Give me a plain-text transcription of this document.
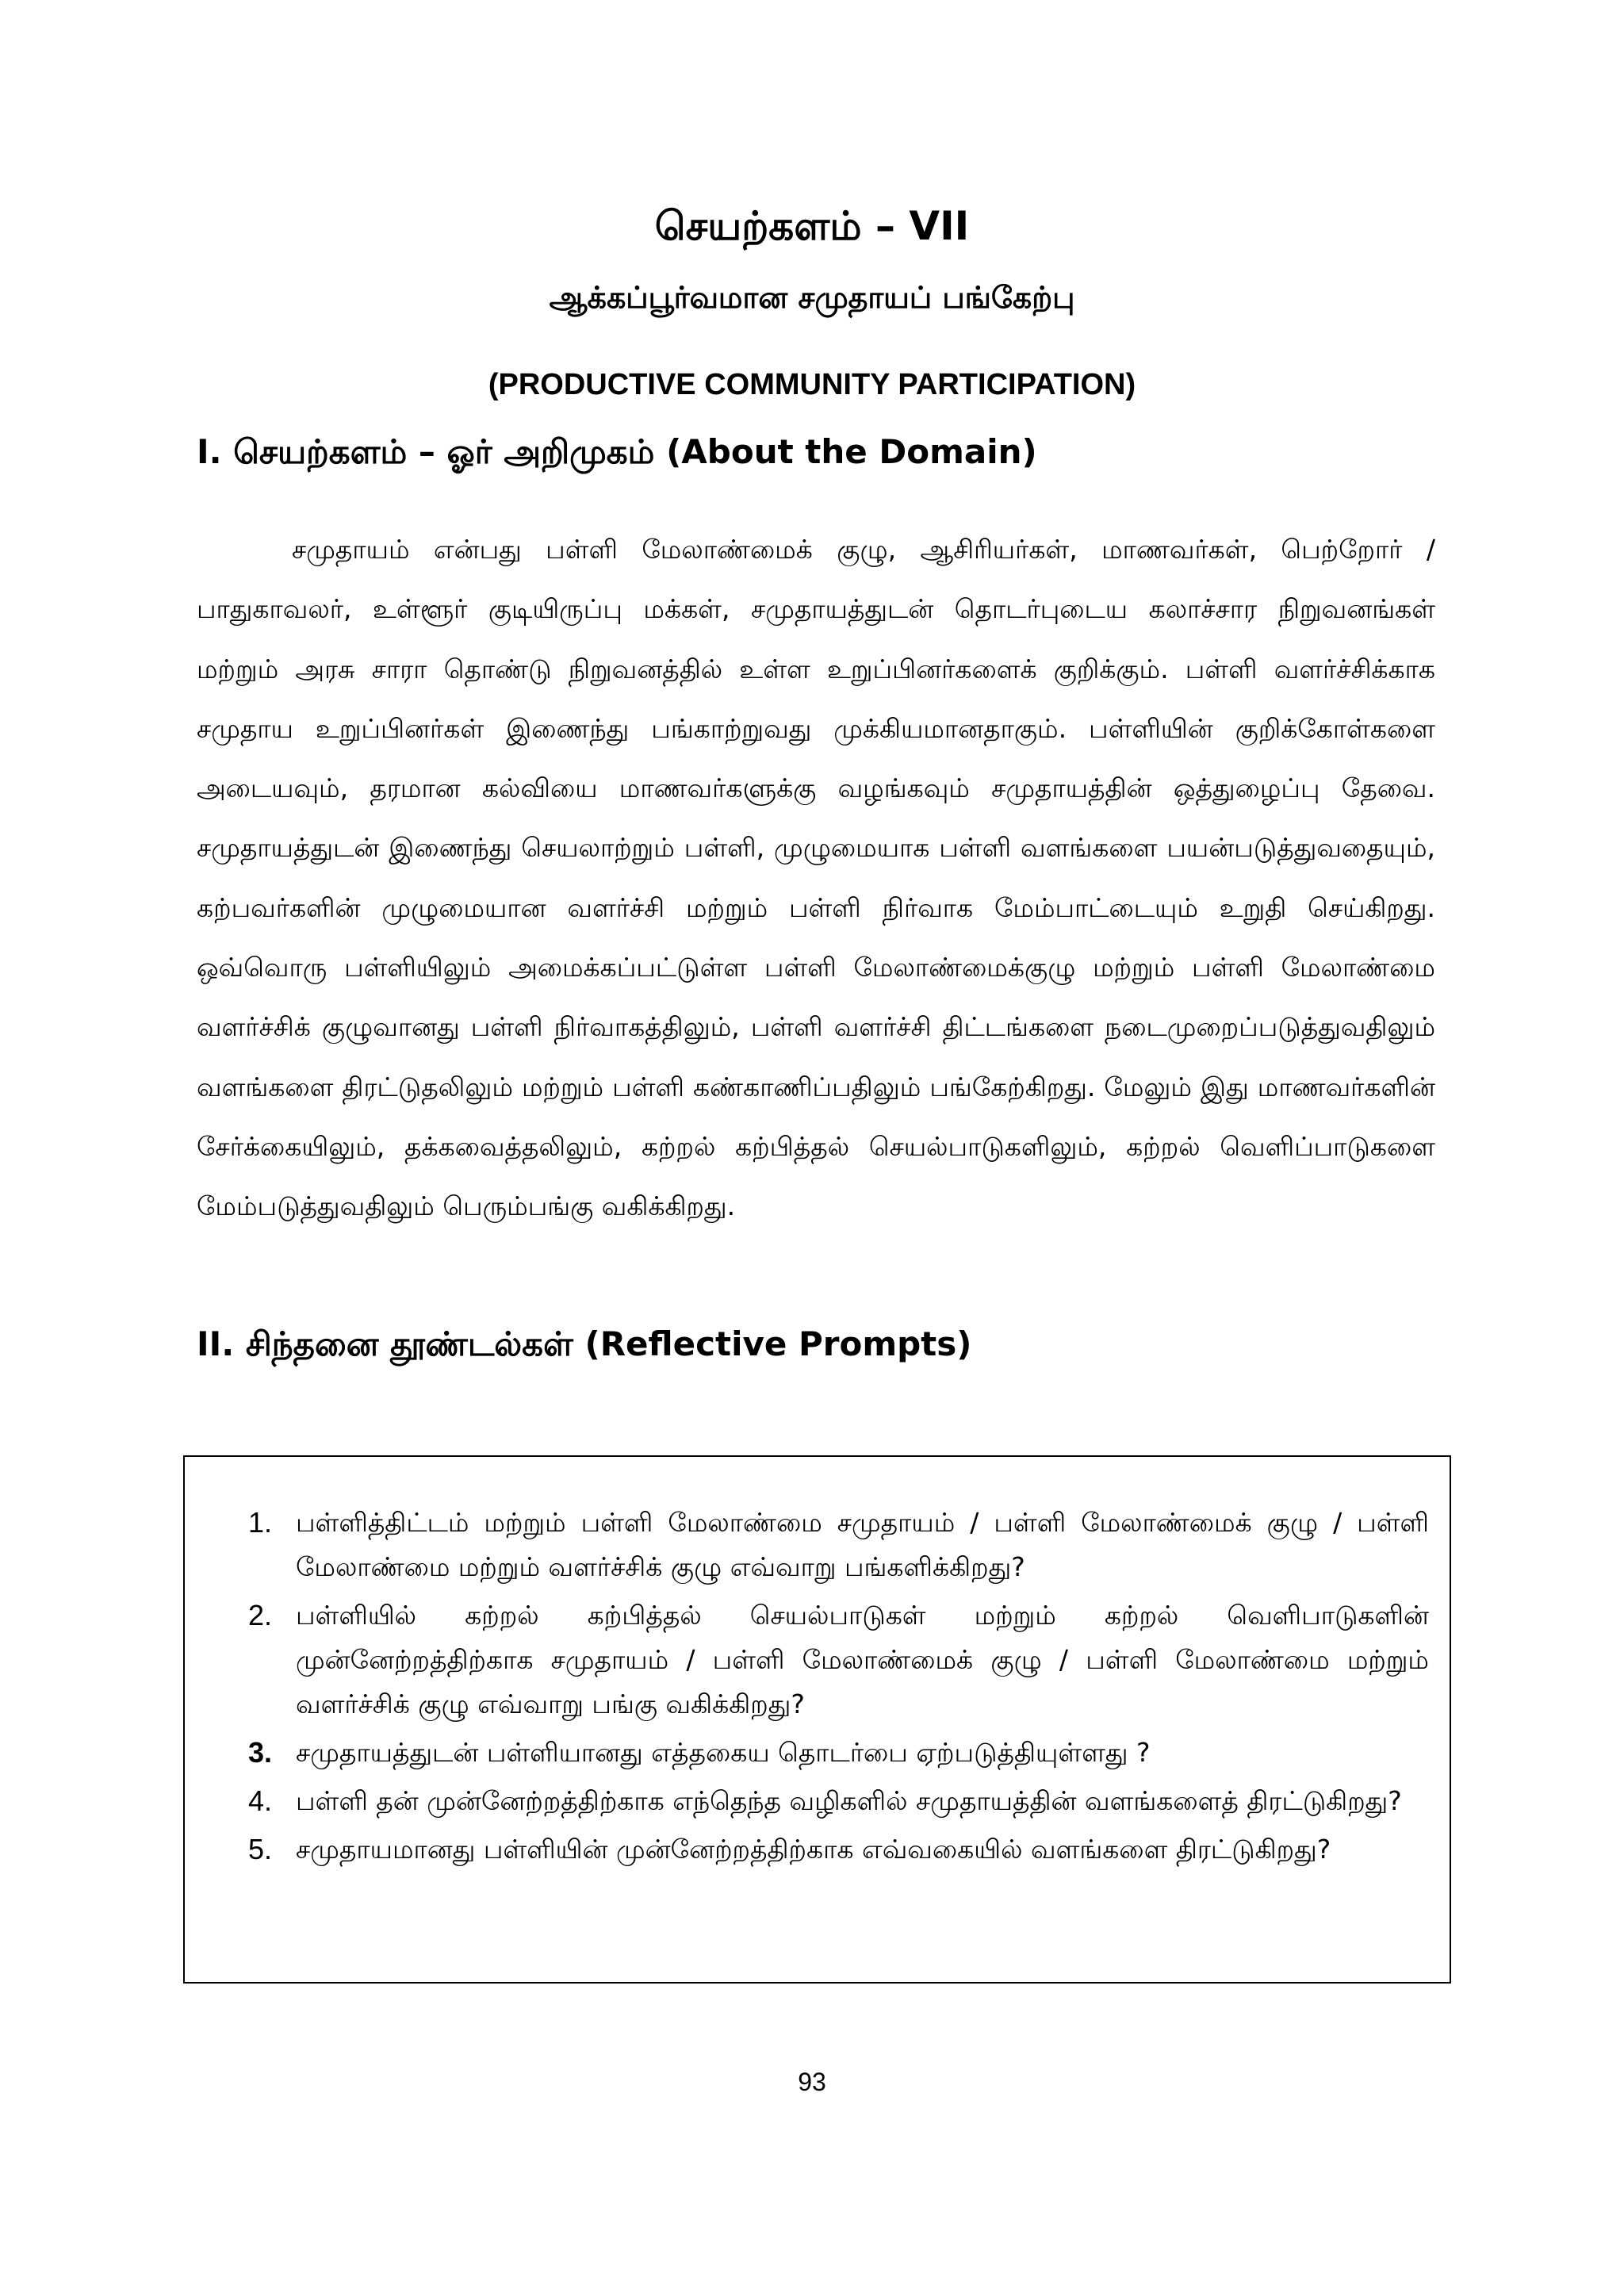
செயற்களம் – VII
ஆக்கப்பூர்வமான சமுதாயப் பங்கேற்பு
(PRODUCTIVE COMMUNITY PARTICIPATION)
I. செயற்களம் – ஓர் அறிமுகம் (About the Domain)

சமுதாயம் என்பது பள்ளி மேலாண்மைக் குழு, ஆசிரியர்கள், மாணவர்கள், பெற்றோர் / பாதுகாவலர், உள்ளூர் குடியிருப்பு மக்கள், சமுதாயத்துடன் தொடர்புடைய கலாச்சார நிறுவனங்கள் மற்றும் அரசு சாரா தொண்டு நிறுவனத்தில் உள்ள உறுப்பினர்களைக் குறிக்கும். பள்ளி வளர்ச்சிக்காக சமுதாய உறுப்பினர்கள் இணைந்து பங்காற்றுவது முக்கியமானதாகும். பள்ளியின் குறிக்கோள்களை அடையவும், தரமான கல்வியை மாணவர்களுக்கு வழங்கவும் சமுதாயத்தின் ஒத்துழைப்பு தேவை. சமுதாயத்துடன் இணைந்து செயலாற்றும் பள்ளி, முழுமையாக பள்ளி வளங்களை பயன்படுத்துவதையும், கற்பவர்களின் முழுமையான வளர்ச்சி மற்றும் பள்ளி நிர்வாக மேம்பாட்டையும் உறுதி செய்கிறது. ஒவ்வொரு பள்ளியிலும் அமைக்கப்பட்டுள்ள பள்ளி மேலாண்மைக்குழு மற்றும் பள்ளி மேலாண்மை வளர்ச்சிக் குழுவானது பள்ளி நிர்வாகத்திலும், பள்ளி வளர்ச்சி திட்டங்களை நடைமுறைப்படுத்துவதிலும் வளங்களை திரட்டுதலிலும் மற்றும் பள்ளி கண்காணிப்பதிலும் பங்கேற்கிறது. மேலும் இது மாணவர்களின் சேர்க்கையிலும், தக்கவைத்தலிலும், கற்றல் கற்பித்தல் செயல்பாடுகளிலும், கற்றல் வெளிப்பாடுகளை மேம்படுத்துவதிலும் பெரும்பங்கு வகிக்கிறது.

II. சிந்தனை தூண்டல்கள் (Reflective Prompts)
1. பள்ளித்திட்டம் மற்றும் பள்ளி மேலாண்மை சமுதாயம் / பள்ளி மேலாண்மைக் குழு / பள்ளி மேலாண்மை மற்றும் வளர்ச்சிக் குழு எவ்வாறு பங்களிக்கிறது?
2. பள்ளியில் கற்றல் கற்பித்தல் செயல்பாடுகள் மற்றும் கற்றல் வெளிபாடுகளின் முன்னேற்றத்திற்காக சமுதாயம் / பள்ளி மேலாண்மைக் குழு / பள்ளி மேலாண்மை மற்றும் வளர்ச்சிக் குழு எவ்வாறு பங்கு வகிக்கிறது?
3. சமுதாயத்துடன் பள்ளியானது எத்தகைய தொடர்பை ஏற்படுத்தியுள்ளது ?
4. பள்ளி தன் முன்னேற்றத்திற்காக எந்தெந்த வழிகளில் சமுதாயத்தின் வளங்களைத் திரட்டுகிறது?
5. சமுதாயமானது பள்ளியின் முன்னேற்றத்திற்காக எவ்வகையில் வளங்களை திரட்டுகிறது?
93
